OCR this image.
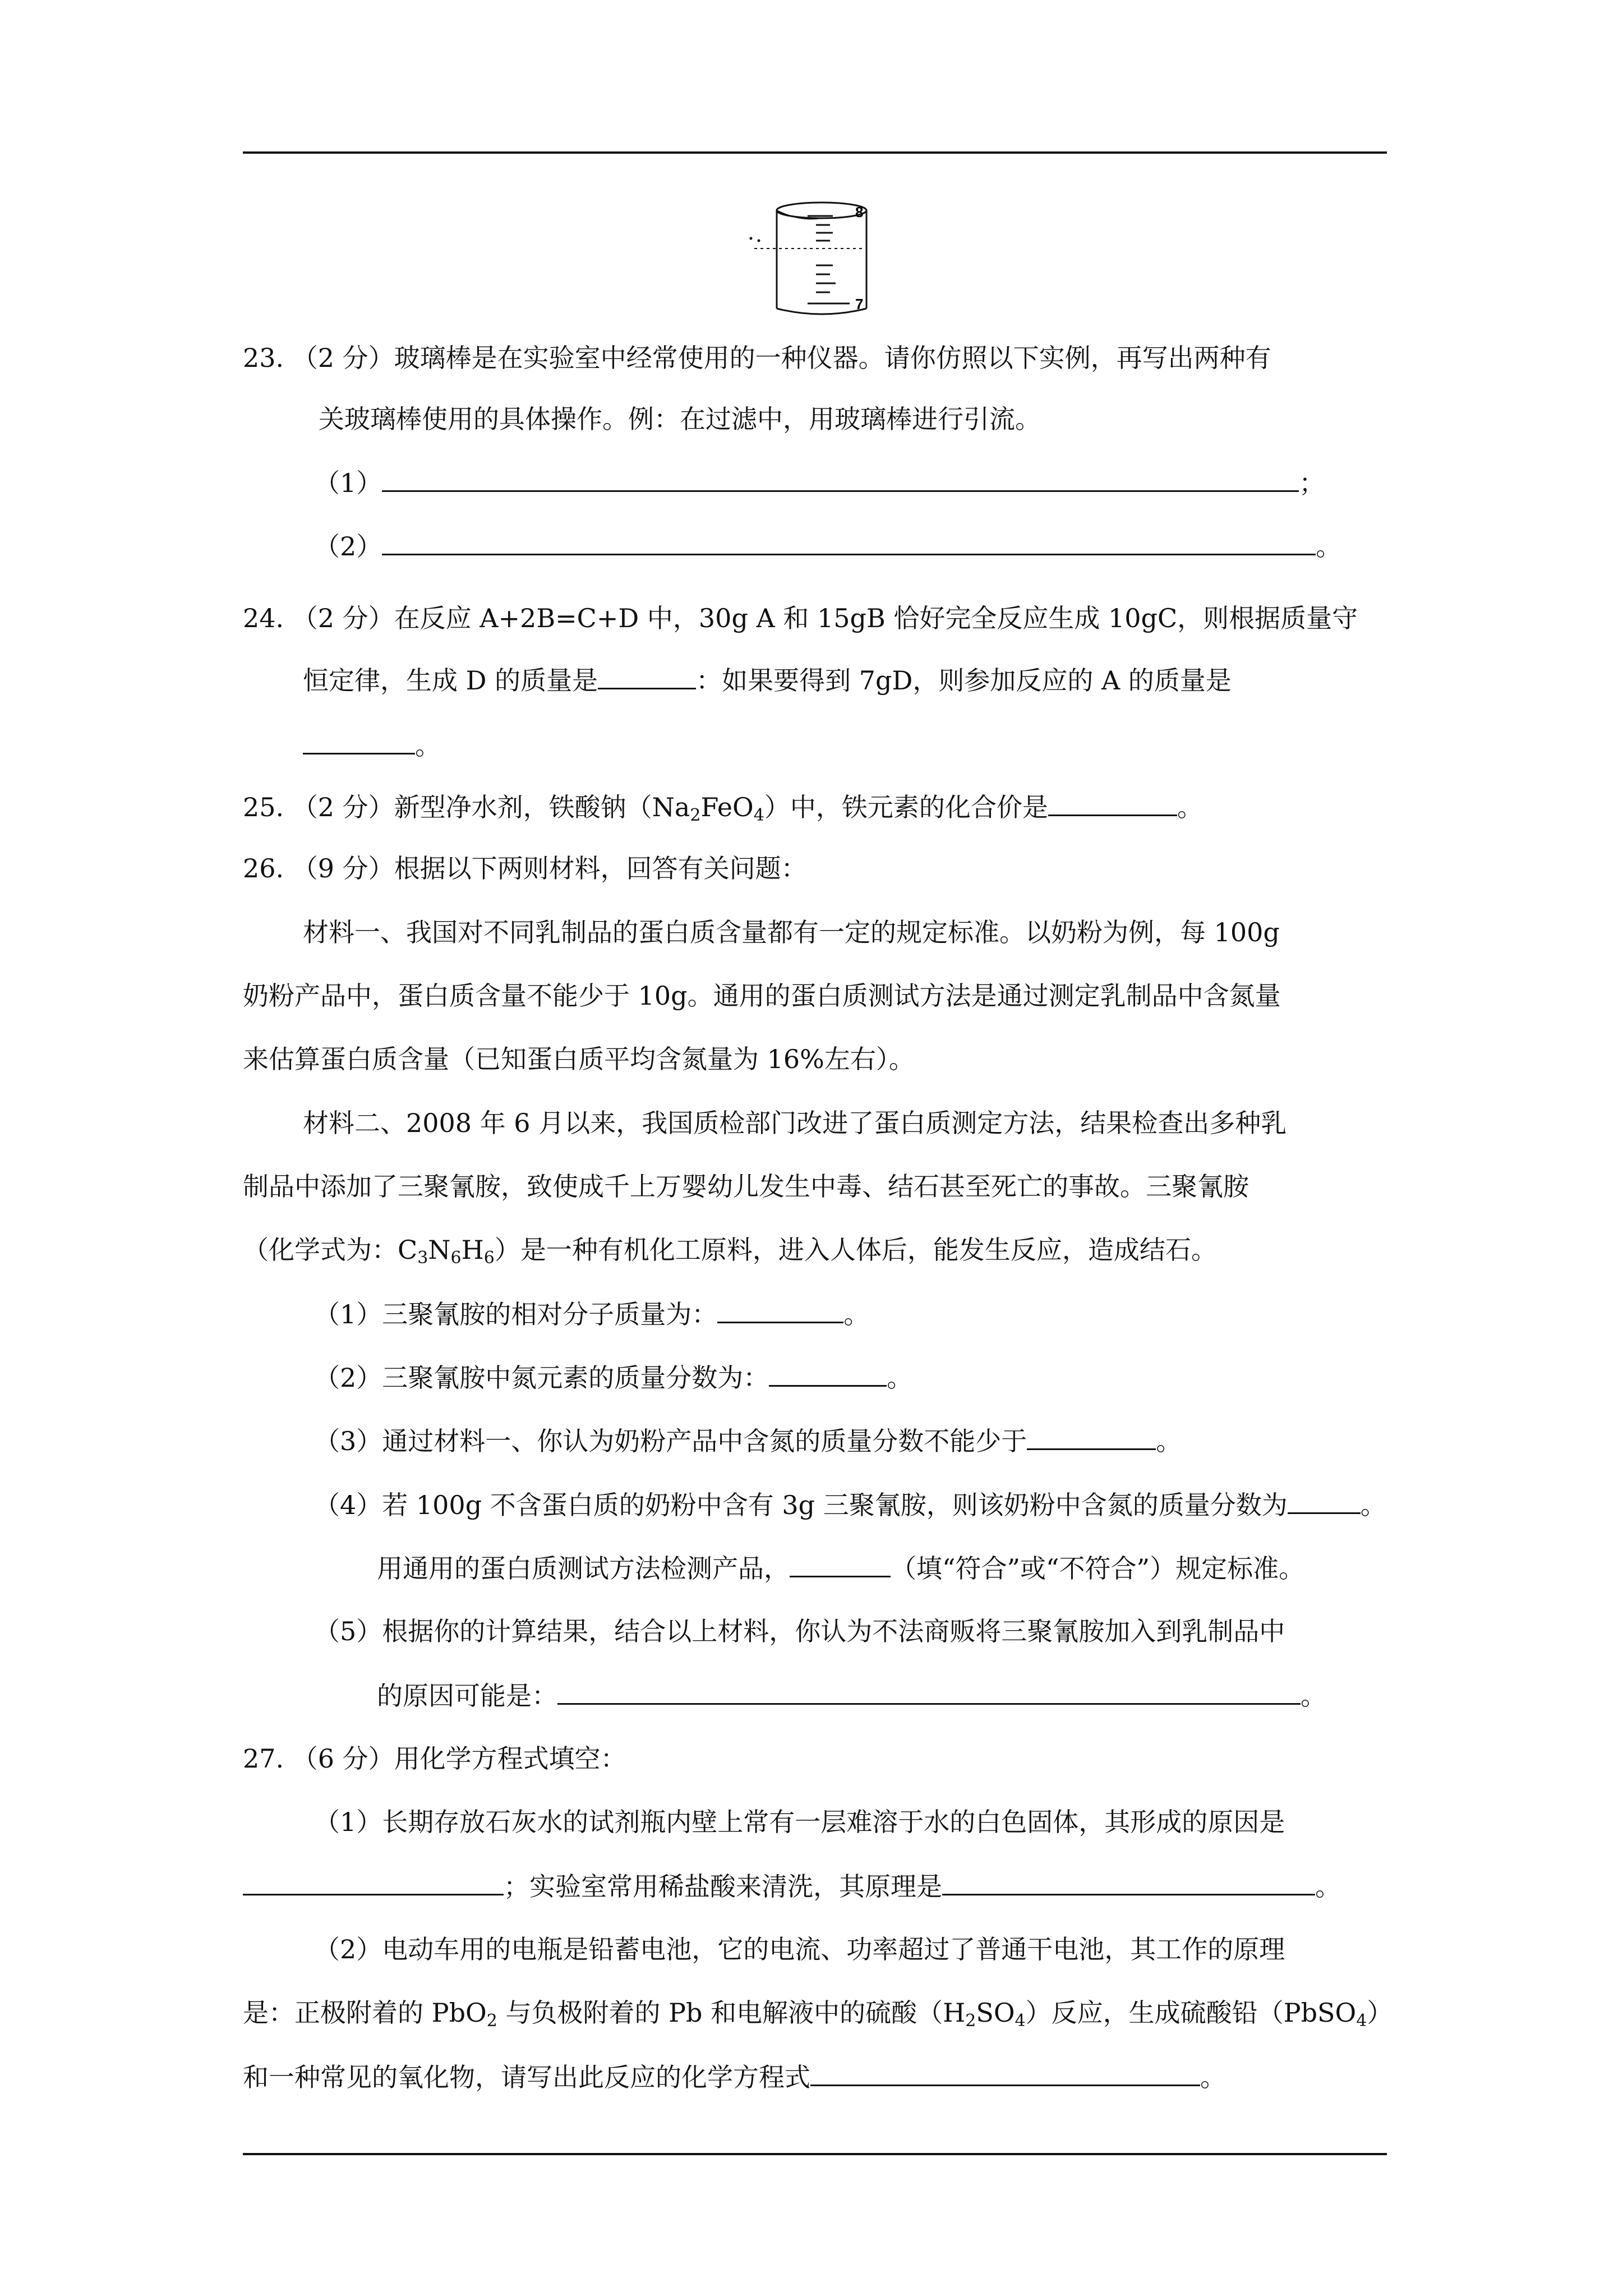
8
7
23. （2 分）玻璃棒是在实验室中经常使用的一种仪器。请你仿照以下实例，再写出两种有
关玻璃棒使用的具体操作。例：在过滤中，用玻璃棒进行引流。
（1）	；
（2）	。
24. （2 分）在反应 A+2B=C+D 中，30g A 和 15gB 恰好完全反应生成 10gC，则根据质量守
恒定律，生成 D 的质量是	：如果要得到 7gD，则参加反应的 A 的质量是
。
25. （2 分）新型净水剂，铁酸钠$(Na_2FeO_4)$中，铁元素的化合价是	。
26. （9 分）根据以下两则材料，回答有关问题：
材料一、我国对不同乳制品的蛋白质含量都有一定的规定标准。以奶粉为例，每 100g
奶粉产品中，蛋白质含量不能少于 10g。通用的蛋白质测试方法是通过测定乳制品中含氮量
来估算蛋白质含量（已知蛋白质平均含氮量为 16%左右）。
材料二、2008 年 6 月以来，我国质检部门改进了蛋白质测定方法，结果检查出多种乳
制品中添加了三聚氰胺，致使成千上万婴幼儿发生中毒、结石甚至死亡的事故。三聚氰胺
（化学式为：$C_3N_6H_6$）是一种有机化工原料，进入人体后，能发生反应，造成结石。
（1）三聚氰胺的相对分子质量为：	。
（2）三聚氰胺中氮元素的质量分数为：	。
（3）通过材料一、你认为奶粉产品中含氮的质量分数不能少于	。
（4）若 100g 不含蛋白质的奶粉中含有 3g 三聚氰胺，则该奶粉中含氮的质量分数为	。
用通用的蛋白质测试方法检测产品，	（填“符合”或“不符合”）规定标准。
（5）根据你的计算结果，结合以上材料，你认为不法商贩将三聚氰胺加入到乳制品中
的原因可能是：	。
27. （6 分）用化学方程式填空：
（1）长期存放石灰水的试剂瓶内壁上常有一层难溶于水的白色固体，其形成的原因是
；实验室常用稀盐酸来清洗，其原理是	。
（2）电动车用的电瓶是铅蓄电池，它的电流、功率超过了普通干电池，其工作的原理
是：正极附着的 PbO$_2$ 与负极附着的 Pb 和电解液中的硫酸$(H_2SO_4)$反应，生成硫酸铅（PbSO$_4$）
和一种常见的氧化物，请写出此反应的化学方程式	。
